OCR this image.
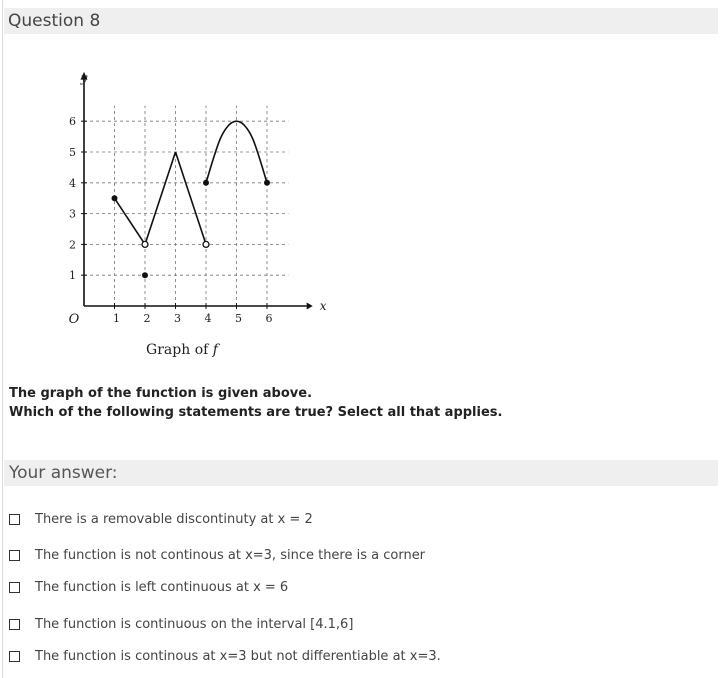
Question 8
1
1
2
2
3
3
4
4
5
5
6
6
y
x
O
Graph of f
The graph of the function is given above.
Which of the following statements are true? Select all that applies.
Your answer:
There is a removable discontinuty at x = 2
The function is not continous at x=3, since there is a corner
The function is left continuous at x = 6
The function is continuous on the interval [4.1,6]
The function is continous at x=3 but not differentiable at x=3.
